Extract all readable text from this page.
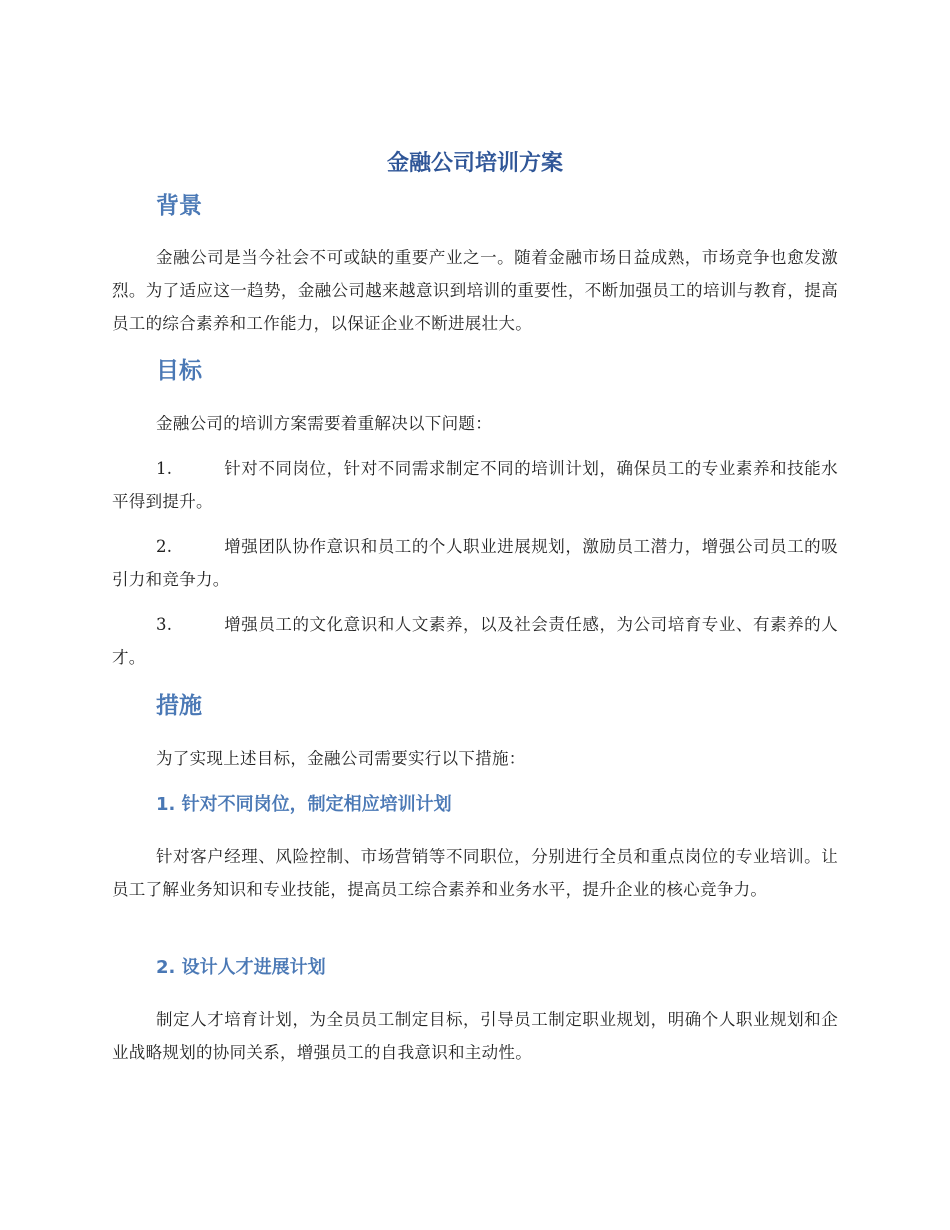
金融公司培训方案
背景

金融公司是当今社会不可或缺的重要产业之一。随着金融市场日益成熟，市场竞争也愈发激烈。为了适应这一趋势，金融公司越来越意识到培训的重要性，不断加强员工的培训与教育，提高员工的综合素养和工作能力，以保证企业不断进展壮大。

目标

金融公司的培训方案需要着重解决以下问题：

1.	针对不同岗位，针对不同需求制定不同的培训计划，确保员工的专业素养和技能水平得到提升。

2.	增强团队协作意识和员工的个人职业进展规划，激励员工潜力，增强公司员工的吸引力和竞争力。

3.	增强员工的文化意识和人文素养，以及社会责任感，为公司培育专业、有素养的人才。

措施

为了实现上述目标，金融公司需要实行以下措施：

1. 针对不同岗位，制定相应培训计划

针对客户经理、风险控制、市场营销等不同职位，分别进行全员和重点岗位的专业培训。让员工了解业务知识和专业技能，提高员工综合素养和业务水平，提升企业的核心竞争力。

2. 设计人才进展计划

制定人才培育计划，为全员员工制定目标，引导员工制定职业规划，明确个人职业规划和企业战略规划的协同关系，增强员工的自我意识和主动性。
